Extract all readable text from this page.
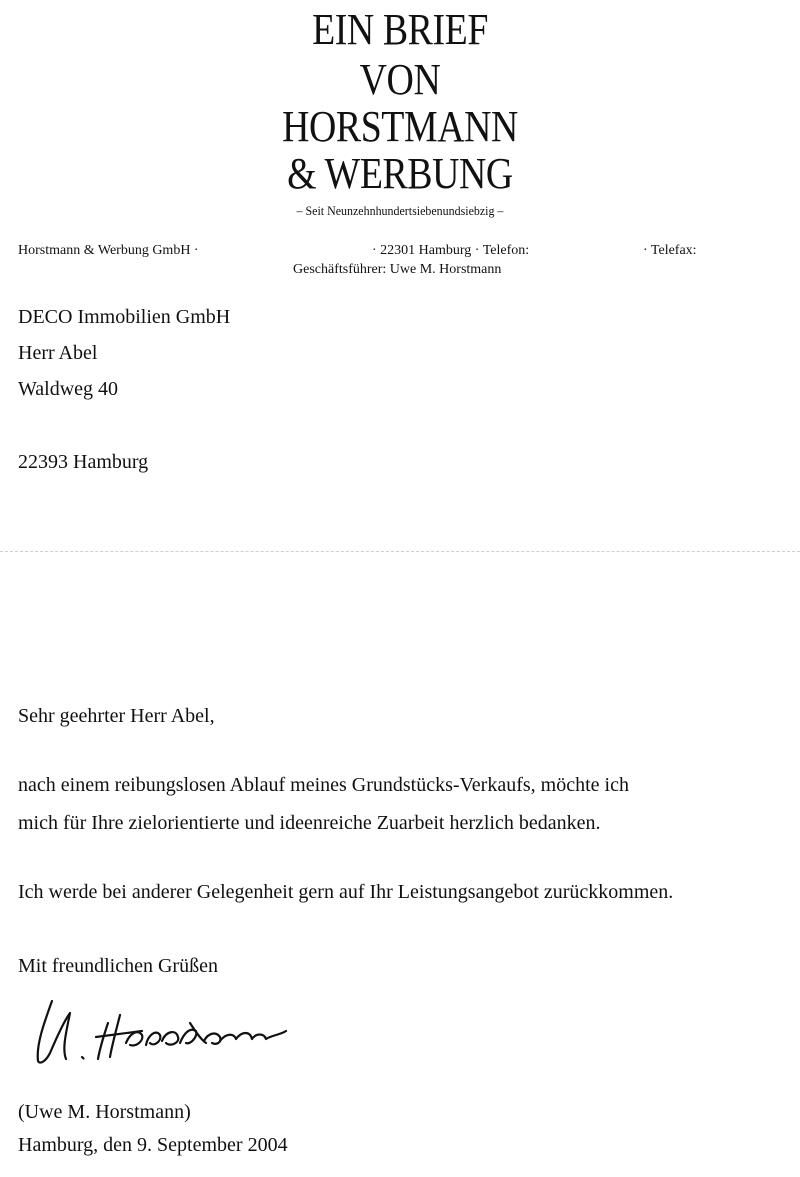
EIN BRIEF
VON
HORSTMANN
& WERBUNG
– Seit Neunzehnhundertsiebenundsiebzig –
Horstmann & Werbung GmbH ·	· 22301 Hamburg · Telefon:	· Telefax:
Geschäftsführer: Uwe M. Horstmann
DECO Immobilien GmbH
Herr Abel
Waldweg 40
22393 Hamburg
Sehr geehrter Herr Abel,
nach einem reibungslosen Ablauf meines Grundstücks-Verkaufs, möchte ich
mich für Ihre zielorientierte und ideenreiche Zuarbeit herzlich bedanken.
Ich werde bei anderer Gelegenheit gern auf Ihr Leistungsangebot zurückkommen.
Mit freundlichen Grüßen
(Uwe M. Horstmann)
Hamburg, den 9. September 2004
